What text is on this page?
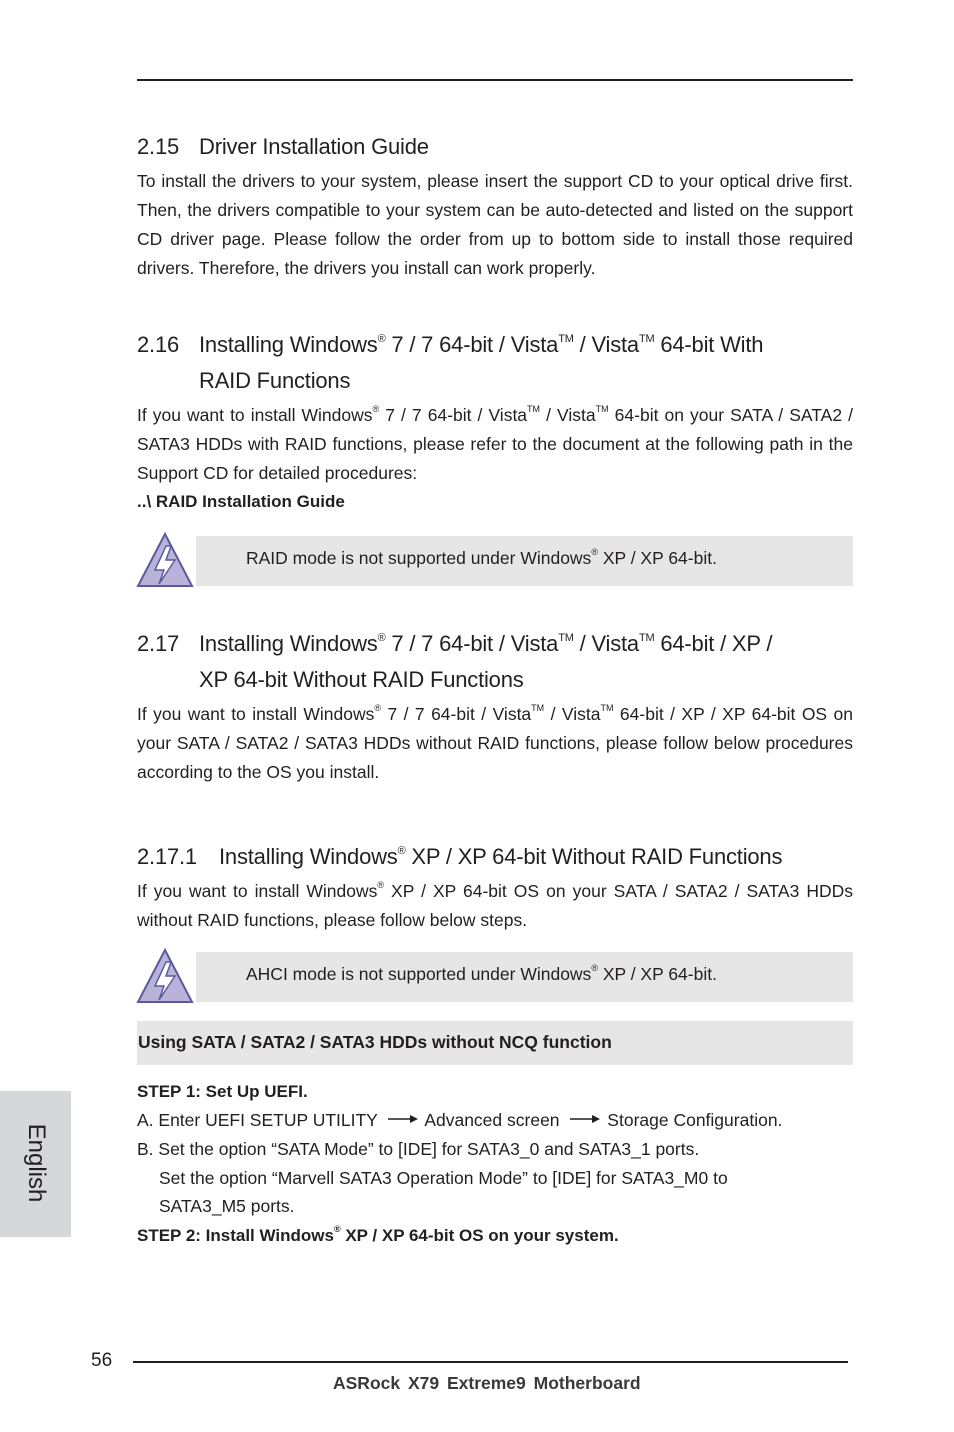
2.15 Driver Installation Guide
To install the drivers to your system, please insert the support CD to your optical drive first. Then, the drivers compatible to your system can be auto-detected and listed on the support CD driver page. Please follow the order from up to bottom side to install those required drivers. Therefore, the drivers you install can work properly.
2.16 Installing Windows® 7 / 7 64-bit / Vista™ / Vista™ 64-bit With
RAID Functions
If you want to install Windows® 7 / 7 64-bit / Vista™ / Vista™ 64-bit on your SATA / SATA2 / SATA3 HDDs with RAID functions, please refer to the document at the following path in the Support CD for detailed procedures:
..\ RAID Installation Guide
RAID mode is not supported under Windows® XP / XP 64-bit.
2.17 Installing Windows® 7 / 7 64-bit / Vista™ / Vista™ 64-bit / XP /
XP 64-bit Without RAID Functions
If you want to install Windows® 7 / 7 64-bit / Vista™ / Vista™ 64-bit / XP / XP 64-bit OS on your SATA / SATA2 / SATA3 HDDs without RAID functions, please follow below procedures according to the OS you install.
2.17.1 Installing Windows® XP / XP 64-bit Without RAID Functions
If you want to install Windows® XP / XP 64-bit OS on your SATA / SATA2 / SATA3 HDDs without RAID functions, please follow below steps.
AHCI mode is not supported under Windows® XP / XP 64-bit.
Using SATA / SATA2 / SATA3 HDDs without NCQ function
STEP 1: Set Up UEFI.
A. Enter UEFI SETUP UTILITY	Advanced screen	Storage Configuration.
B. Set the option “SATA Mode” to [IDE] for SATA3_0 and SATA3_1 ports.
Set the option “Marvell SATA3 Operation Mode” to [IDE] for SATA3_M0 to
SATA3_M5 ports.
STEP 2: Install Windows® XP / XP 64-bit OS on your system.
English
56
ASRock X79 Extreme9 Motherboard
